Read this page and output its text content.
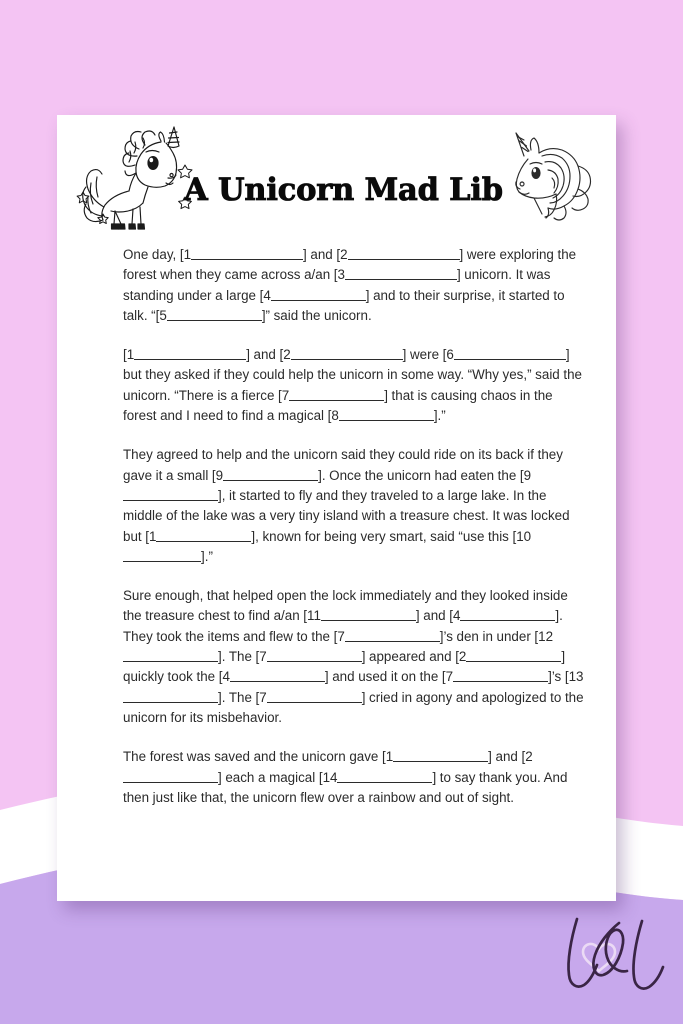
A Unicorn Mad Lib

One day, [1	] and [2	] were exploring the forest when they came across a/an [3	] unicorn. It was standing under a large [4	] and to their surprise, it started to talk. “[5	]” said the unicorn.

[1	] and [2	] were [6	] but they asked if they could help the unicorn in some way. “Why yes,” said the unicorn. “There is a fierce [7	] that is causing chaos in the forest and I need to find a magical [8	].”

They agreed to help and the unicorn said they could ride on its back if they gave it a small [9	]. Once the unicorn had eaten the [9], it started to fly and they traveled to a large lake. In the middle of the lake was a very tiny island with a treasure chest. It was locked but [1	], known for being very smart, said “use this [10].”

Sure enough, that helped open the lock immediately and they looked inside the treasure chest to find a/an [11	] and [4	]. They took the items and flew to the [7	]’s den in under [12]. The [7	] appeared and [2	] quickly took the [4	] and used it on the [7	]’s [13]. The [7	] cried in agony and apologized to the unicorn for its misbehavior.

The forest was saved and the unicorn gave [1	] and [2] each a magical [14	] to say thank you. And then just like that, the unicorn flew over a rainbow and out of sight.
